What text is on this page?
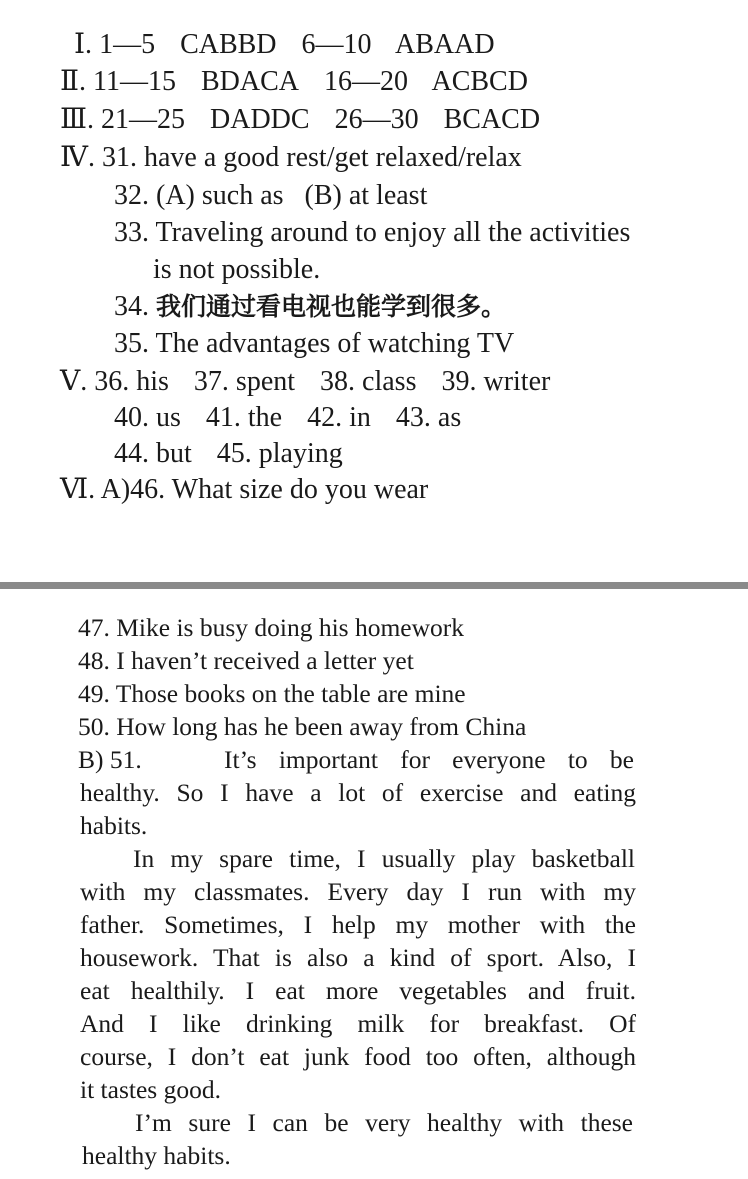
Ⅰ. 1—5 CABBD 6—10 ABAAD
Ⅱ. 11—15 BDACA 16—20 ACBCD
Ⅲ. 21—25 DADDC 26—30 BCACD
Ⅳ. 31. have a good rest/get relaxed/relax
32. (A) such as   (B) at least
33. Traveling around to enjoy all the activities
is not possible.
34. 我们通过看电视也能学到很多。
35. The advantages of watching TV
Ⅴ. 36. his 37. spent 38. class 39. writer
40. us 41. the 42. in 43. as
44. but 45. playing
Ⅵ. A)46. What size do you wear
47. Mike is busy doing his homework
48. I haven’t received a letter yet
49. Those books on the table are mine
50. How long has he been away from China
B) 51.	It’s important for everyone to be
healthy. So I have a lot of exercise and eating
habits.
In my spare time, I usually play basketball
with my classmates. Every day I run with my
father. Sometimes, I help my mother with the
housework. That is also a kind of sport. Also, I
eat healthily. I eat more vegetables and fruit.
And I like drinking milk for breakfast. Of
course, I don’t eat junk food too often, although
it tastes good.
I’m sure I can be very healthy with these
healthy habits.
